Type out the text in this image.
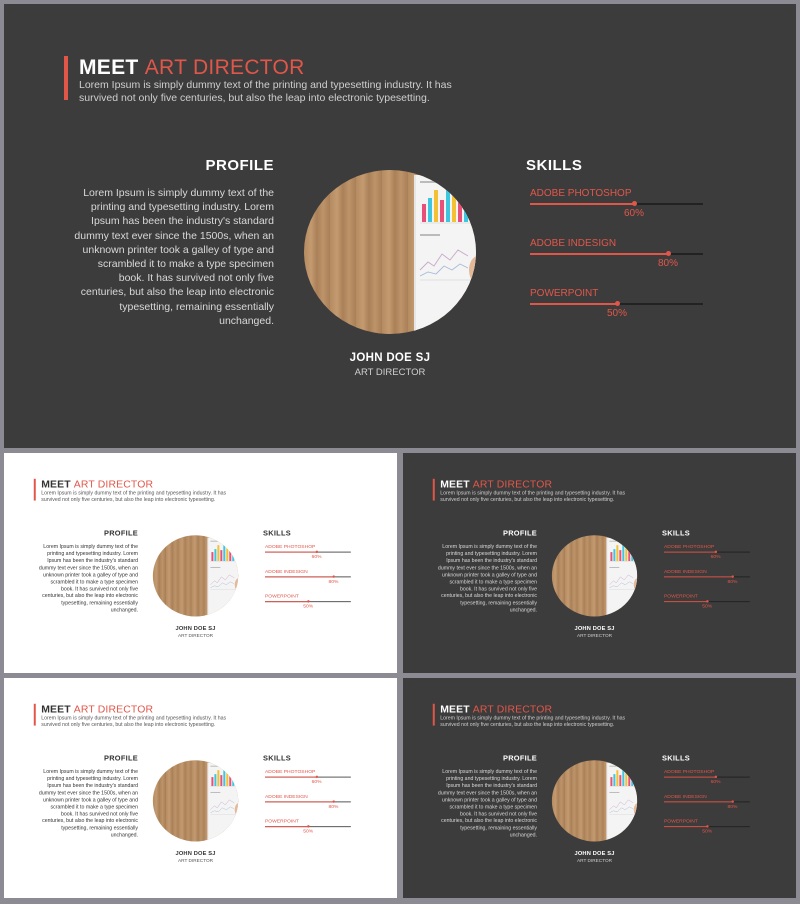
MEET ART DIRECTOR
Lorem Ipsum is simply dummy text of the printing and typesetting industry. It has survived not only five centuries, but also the leap into electronic typesetting.
PROFILE
Lorem Ipsum is simply dummy text of the printing and typesetting industry. Lorem Ipsum has been the industry's standard dummy text ever since the 1500s, when an unknown printer took a galley of type and scrambled it to make a type specimen book. It has survived not only five centuries, but also the leap into electronic typesetting, remaining essentially unchanged.
JOHN DOE SJ
ART DIRECTOR
SKILLS
ADOBE PHOTOSHOP
60%
ADOBE INDESIGN
80%
POWERPOINT
50%
MEET ART DIRECTOR
Lorem Ipsum is simply dummy text of the printing and typesetting industry. It has survived not only five centuries, but also the leap into electronic typesetting.
PROFILE
Lorem Ipsum is simply dummy text of the printing and typesetting industry. Lorem Ipsum has been the industry's standard dummy text ever since the 1500s, when an unknown printer took a galley of type and scrambled it to make a type specimen book. It has survived not only five centuries, but also the leap into electronic typesetting, remaining essentially unchanged.
JOHN DOE SJ
ART DIRECTOR
SKILLS
ADOBE PHOTOSHOP
60%
ADOBE INDESIGN
80%
POWERPOINT
50%
MEET ART DIRECTOR
Lorem Ipsum is simply dummy text of the printing and typesetting industry. It has survived not only five centuries, but also the leap into electronic typesetting.
PROFILE
Lorem Ipsum is simply dummy text of the printing and typesetting industry. Lorem Ipsum has been the industry's standard dummy text ever since the 1500s, when an unknown printer took a galley of type and scrambled it to make a type specimen book. It has survived not only five centuries, but also the leap into electronic typesetting, remaining essentially unchanged.
JOHN DOE SJ
ART DIRECTOR
SKILLS
ADOBE PHOTOSHOP
60%
ADOBE INDESIGN
80%
POWERPOINT
50%
MEET ART DIRECTOR
Lorem Ipsum is simply dummy text of the printing and typesetting industry. It has survived not only five centuries, but also the leap into electronic typesetting.
PROFILE
Lorem Ipsum is simply dummy text of the printing and typesetting industry. Lorem Ipsum has been the industry's standard dummy text ever since the 1500s, when an unknown printer took a galley of type and scrambled it to make a type specimen book. It has survived not only five centuries, but also the leap into electronic typesetting, remaining essentially unchanged.
JOHN DOE SJ
ART DIRECTOR
SKILLS
ADOBE PHOTOSHOP
60%
ADOBE INDESIGN
80%
POWERPOINT
50%
MEET ART DIRECTOR
Lorem Ipsum is simply dummy text of the printing and typesetting industry. It has survived not only five centuries, but also the leap into electronic typesetting.
PROFILE
Lorem Ipsum is simply dummy text of the printing and typesetting industry. Lorem Ipsum has been the industry's standard dummy text ever since the 1500s, when an unknown printer took a galley of type and scrambled it to make a type specimen book. It has survived not only five centuries, but also the leap into electronic typesetting, remaining essentially unchanged.
JOHN DOE SJ
ART DIRECTOR
SKILLS
ADOBE PHOTOSHOP
60%
ADOBE INDESIGN
80%
POWERPOINT
50%
